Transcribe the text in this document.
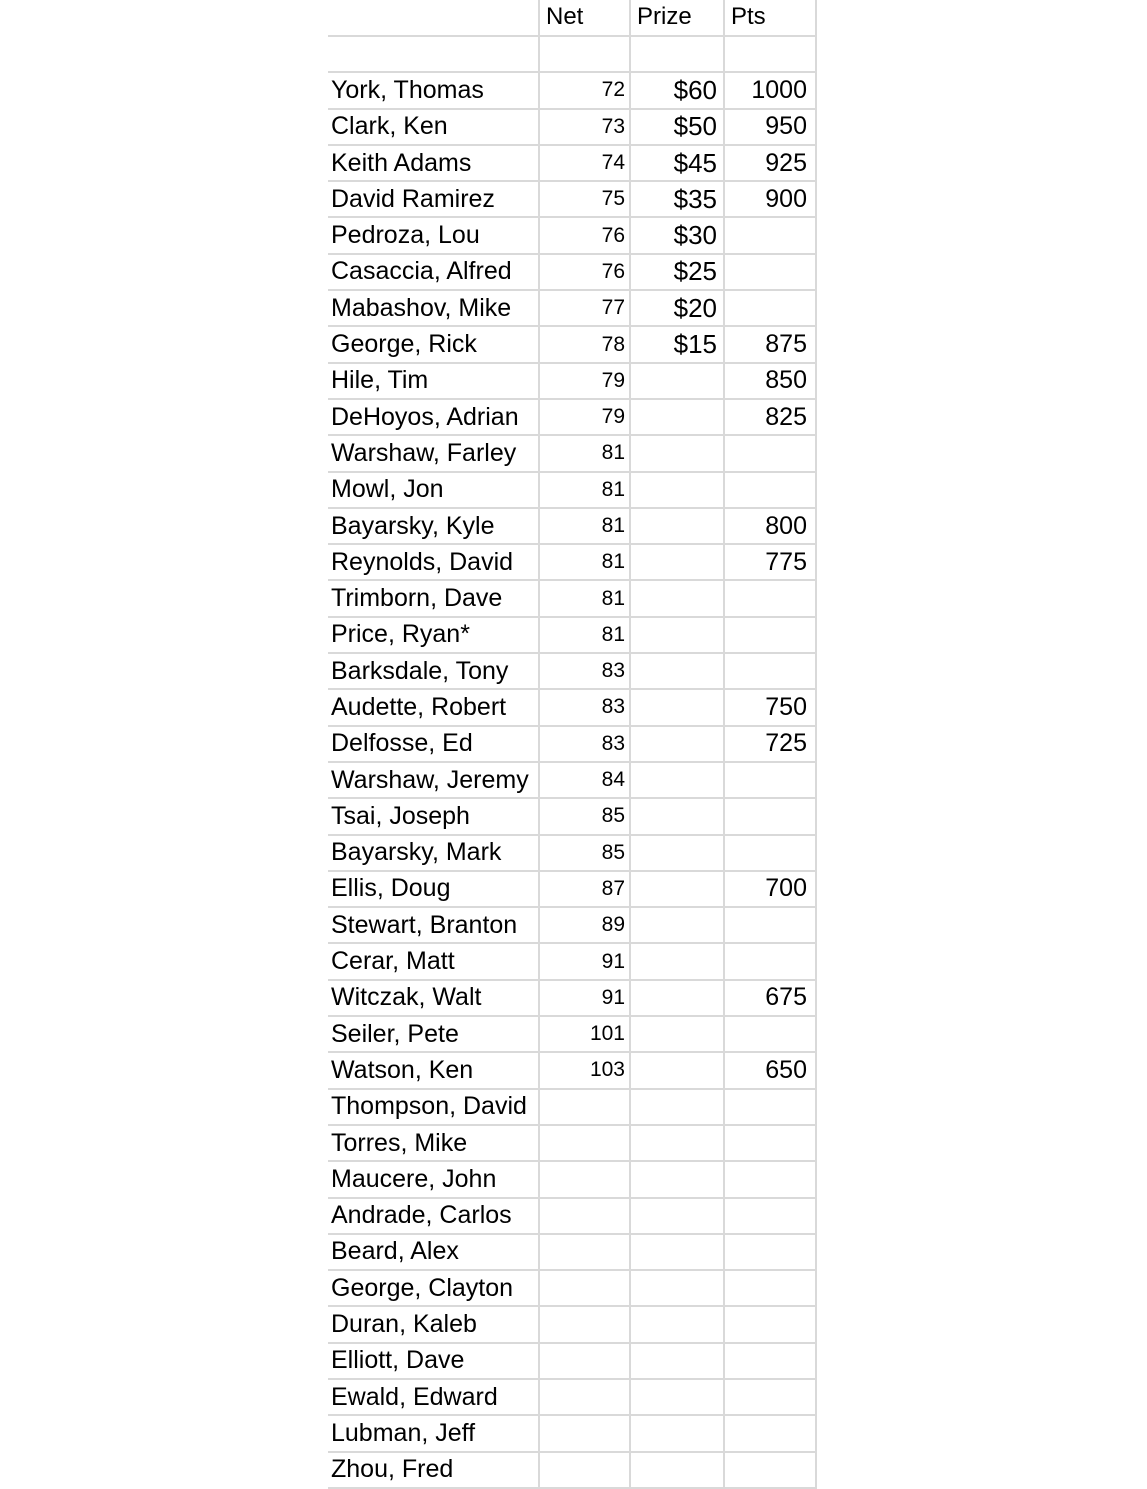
	Net	Prize	Pts

York, Thomas	72	$60	1000
Clark, Ken	73	$50	950
Keith Adams	74	$45	925
David Ramirez	75	$35	900
Pedroza, Lou	76	$30	
Casaccia, Alfred	76	$25	
Mabashov, Mike	77	$20	
George, Rick	78	$15	875
Hile, Tim	79		850
DeHoyos, Adrian	79		825
Warshaw, Farley	81		
Mowl, Jon	81		
Bayarsky, Kyle	81		800
Reynolds, David	81		775
Trimborn, Dave	81		
Price, Ryan*	81		
Barksdale, Tony	83		
Audette, Robert	83		750
Delfosse, Ed	83		725
Warshaw, Jeremy	84		
Tsai, Joseph	85		
Bayarsky, Mark	85		
Ellis, Doug	87		700
Stewart, Branton	89		
Cerar, Matt	91		
Witczak, Walt	91		675
Seiler, Pete	101		
Watson, Ken	103		650
Thompson, David			
Torres, Mike			
Maucere, John			
Andrade, Carlos			
Beard, Alex			
George, Clayton			
Duran, Kaleb			
Elliott, Dave			
Ewald, Edward			
Lubman, Jeff			
Zhou, Fred			
